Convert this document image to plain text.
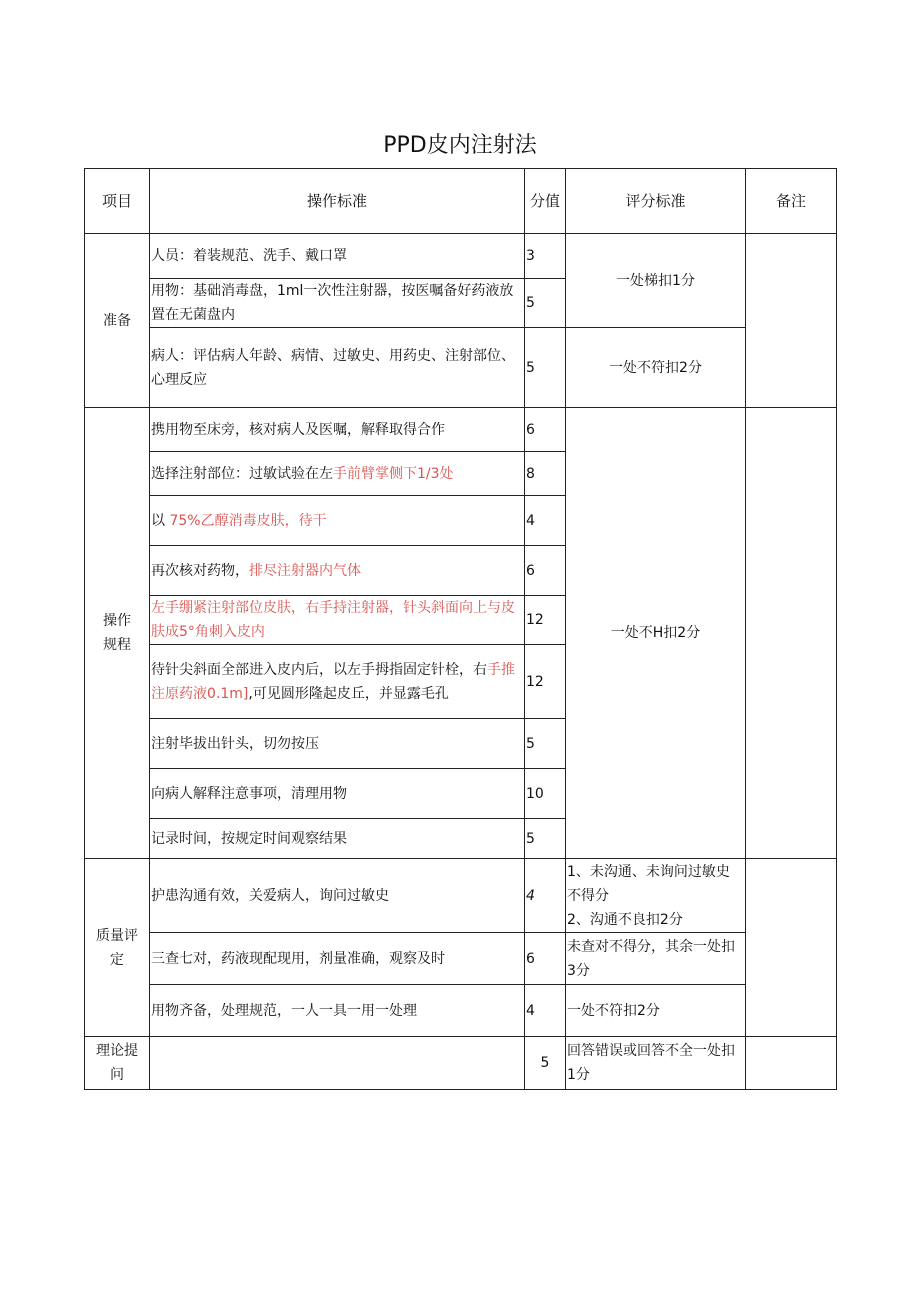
PPD皮内注射法
项目	操作标准	分值	评分标准	备注
准备	人员：着装规范、洗手、戴口罩	3	一处梯扣1分	
	用物：基础消毒盘，1ml一次性注射器，按医嘱备好药液放置在无菌盘内	5		
	病人：评估病人年龄、病情、过敏史、用药史、注射部位、心理反应	5	一处不符扣2分	
操作
规程	携用物至床旁，核对病人及医嘱，解释取得合作	6	一处不H扣2分	
	选择注射部位：过敏试验在左手前臂掌侧下1/3处	8		
	以 75%乙醇消毒皮肤，待干	4		
	再次核对药物，排尽注射器内气体	6		
	左手绷紧注射部位皮肤，右手持注射器，针头斜面向上与皮肤成5°角刺入皮内	12		
	待针尖斜面全部进入皮内后，以左手拇指固定针栓，右手推注原药液0.1m],可见圆形隆起皮丘，并显露毛孔	12		
	注射毕拔出针头，切勿按压	5		
	向病人解释注意事项，清理用物	10		
	记录时间，按规定时间观察结果	5		
质量评
定	护患沟通有效，关爱病人，询问过敏史	4	1、未沟通、未询问过敏史不得分
2、沟通不良扣2分	
	三查七对，药液现配现用，剂量准确，观察及时	6	未查对不得分，其余一处扣3分	
	用物齐备，处理规范，一人一具一用一处理	4	一处不符扣2分	
理论提
问		5	回答错误或回答不全一处扣1分	
